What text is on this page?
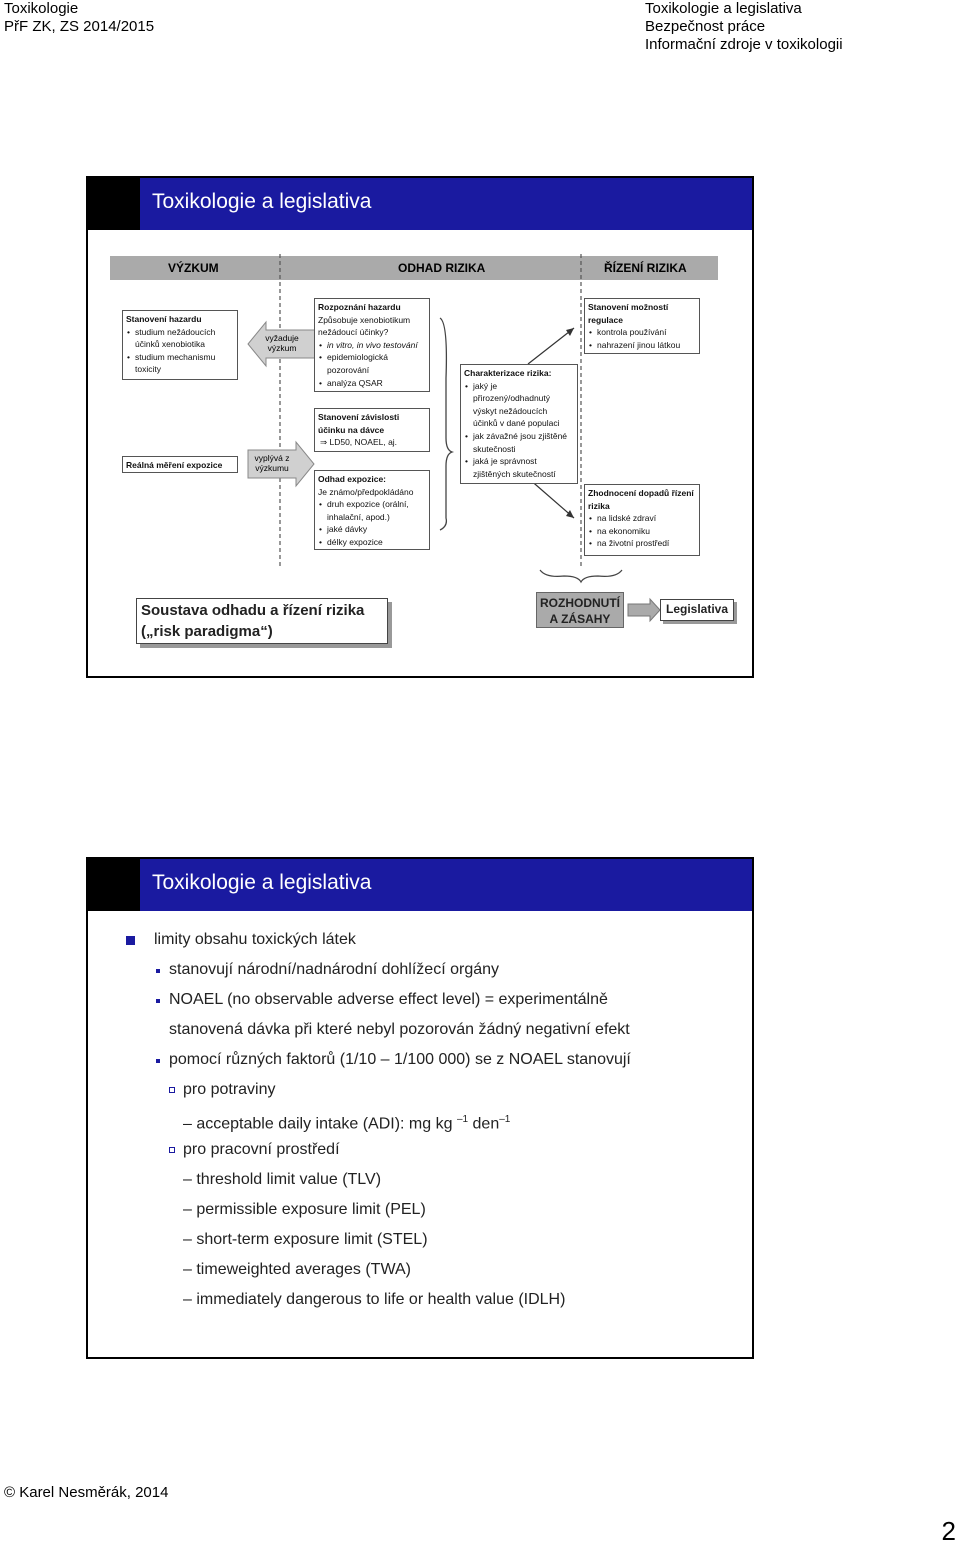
Toxikologie
PřF ZK, ZS 2014/2015
Toxikologie a legislativa
Bezpečnost práce
Informační zdroje v toxikologii
Toxikologie a legislativa
VÝZKUM	ODHAD RIZIKA	ŘÍZENÍ RIZIKA
vyžaduje výzkum
vyplývá z výzkumu
Stanovení hazardu
• studium nežádoucích účinků xenobiotika
• studium mechanismu toxicity
Reálná měření expozice
Rozpoznání hazardu
Způsobuje xenobiotikum nežádoucí účinky?
• in vitro, in vivo testování
• epidemiologická pozorování
• analýza QSAR
Stanovení závislosti účinku na dávce
⇒ LD50, NOAEL, aj.
Odhad expozice:
Je známo/předpokládáno
• druh expozice (orální, inhalační, apod.)
• jaké dávky
• délky expozice
Charakterizace rizika:
• jaký je přirozený/odhadnutý výskyt nežádoucích účinků v dané populaci
• jak závažné jsou zjištěné skutečnosti
• jaká je správnost zjištěných skutečností
Stanovení možností regulace
• kontrola používání
• nahrazení jinou látkou
Zhodnocení dopadů řízení rizika
• na lidské zdraví
• na ekonomiku
• na životní prostředí
Soustava odhadu a řízení rizika
(„risk paradigma“)
ROZHODNUTÍ
A ZÁSAHY
Legislativa
Toxikologie a legislativa
limity obsahu toxických látek
stanovují národní/nadnárodní dohlížecí orgány
NOAEL (no observable adverse effect level) = experimentálně
stanovená dávka při které nebyl pozorován žádný negativní efekt
pomocí různých faktorů (1/10 – 1/100 000) se z NOAEL stanovují
pro potraviny
– acceptable daily intake (ADI): mg kg $^{-1}$ den$^{-1}$
pro pracovní prostředí
– threshold limit value (TLV)
– permissible exposure limit (PEL)
– short-term exposure limit (STEL)
– timeweighted averages (TWA)
– immediately dangerous to life or health value (IDLH)
© Karel Nesměrák, 2014
2
